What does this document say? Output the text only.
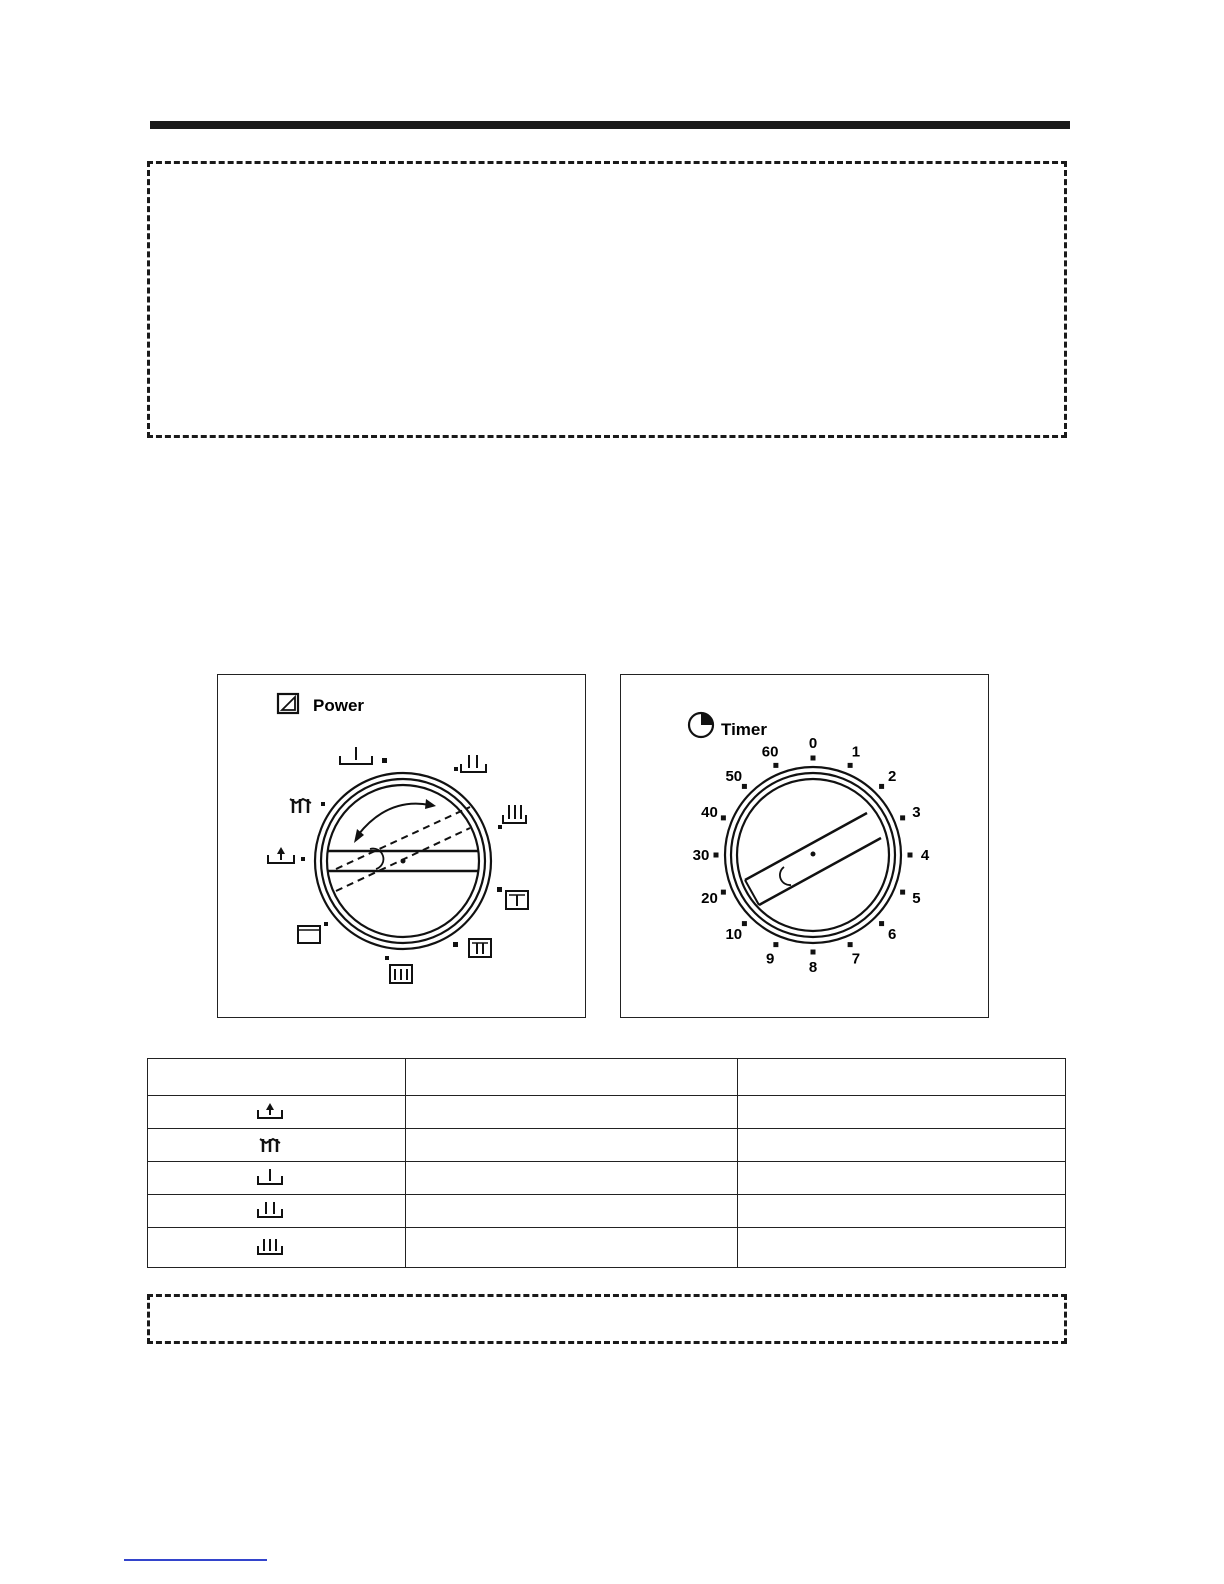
Power
Timer
0
1
2
3
4
5
6
7
8
9
10
20
30
40
50
60
